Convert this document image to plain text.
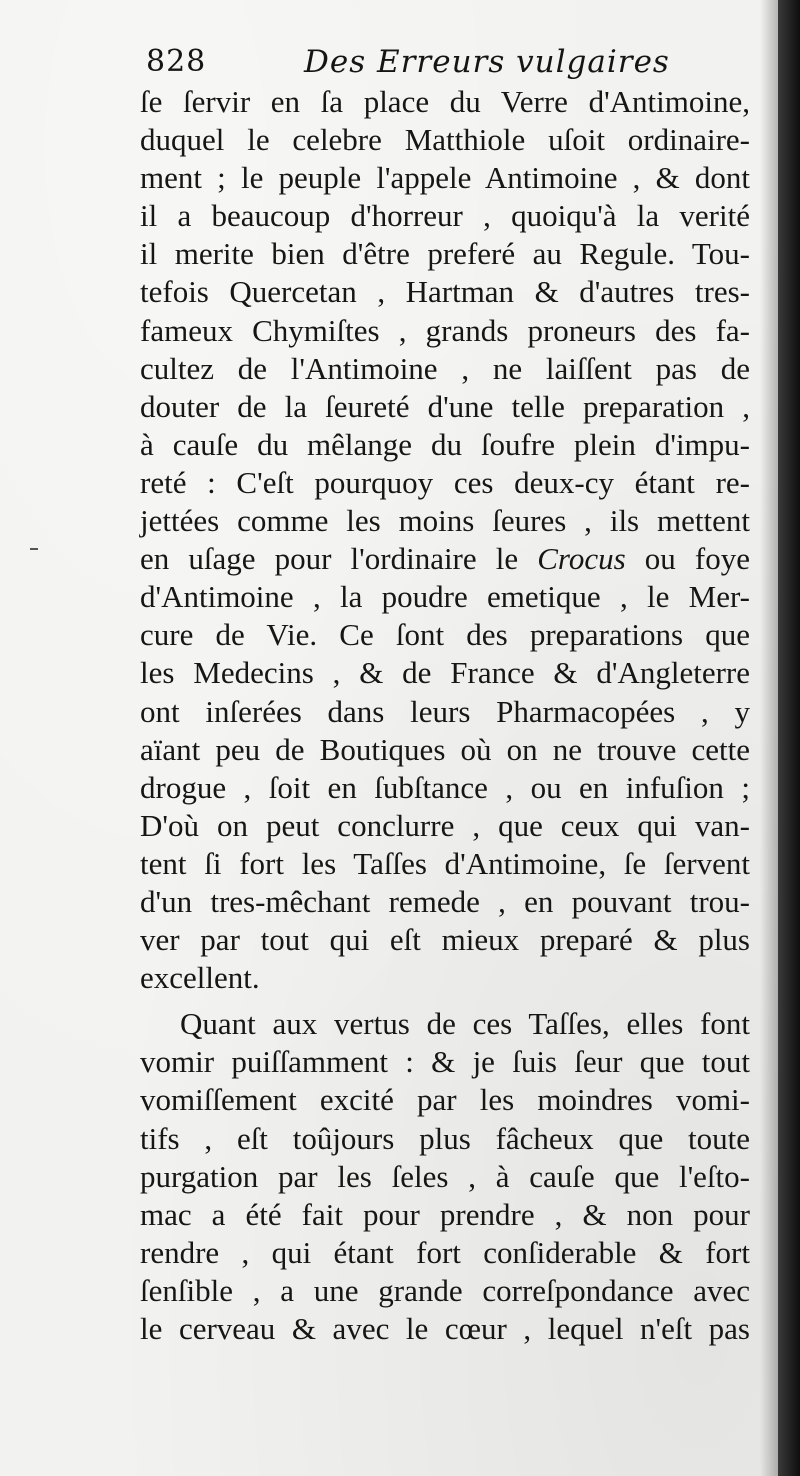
828	Des Erreurs vulgaires
ſe ſervir en ſa place du Verre d'Antimoine,
duquel le celebre Matthiole uſoit ordinaire-
ment ; le peuple l'appele Antimoine , & dont
il a beaucoup d'horreur , quoiqu'à la verité
il merite bien d'être preferé au Regule. Tou-
tefois Quercetan , Hartman & d'autres tres-
fameux Chymiſtes , grands proneurs des fa-
cultez de l'Antimoine , ne laiſſent pas de
douter de la ſeureté d'une telle preparation ,
à cauſe du mêlange du ſoufre plein d'impu-
reté : C'eſt pourquoy ces deux-cy étant re-
jettées comme les moins ſeures , ils mettent
en uſage pour l'ordinaire le Crocus ou foye
d'Antimoine , la poudre emetique , le Mer-
cure de Vie. Ce ſont des preparations que
les Medecins , & de France & d'Angleterre
ont inſerées dans leurs Pharmacopées , y
aïant peu de Boutiques où on ne trouve cette
drogue , ſoit en ſubſtance , ou en infuſion ;
D'où on peut conclurre , que ceux qui van-
tent ſi fort les Taſſes d'Antimoine, ſe ſervent
d'un tres-mêchant remede , en pouvant trou-
ver par tout qui eſt mieux preparé & plus
excellent.
Quant aux vertus de ces Taſſes, elles font
vomir puiſſamment : & je ſuis ſeur que tout
vomiſſement excité par les moindres vomi-
tifs , eſt toûjours plus fâcheux que toute
purgation par les ſeles , à cauſe que l'eſto-
mac a été fait pour prendre , & non pour
rendre , qui étant fort conſiderable & fort
ſenſible , a une grande correſpondance avec
le cerveau & avec le cœur , lequel n'eſt pas
